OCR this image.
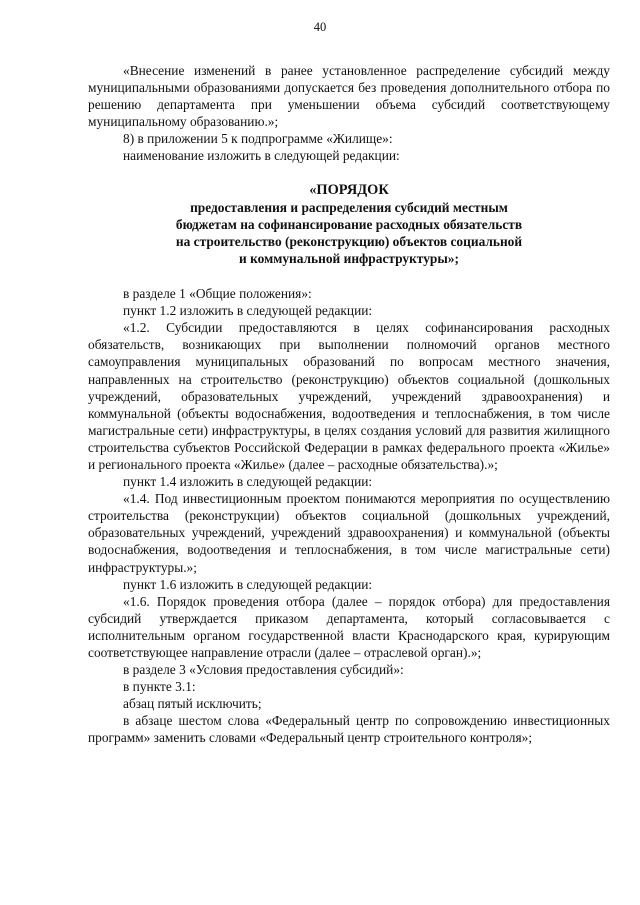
40

«Внесение изменений в ранее установленное распределение субсидий между муниципальными образованиями допускается без проведения дополнительного отбора по решению департамента при уменьшении объема субсидий соответствующему муниципальному образованию.»;

8) в приложении 5 к подпрограмме «Жилище»:

наименование изложить в следующей редакции:

«ПОРЯДОК
предоставления и распределения субсидий местным
бюджетам на софинансирование расходных обязательств
на строительство (реконструкцию) объектов социальной
и коммунальной инфраструктуры»;

в разделе 1 «Общие положения»:

пункт 1.2 изложить в следующей редакции:

«1.2. Субсидии предоставляются в целях софинансирования расходных обязательств, возникающих при выполнении полномочий органов местного самоуправления муниципальных образований по вопросам местного значения, направленных на строительство (реконструкцию) объектов социальной (дошкольных учреждений, образовательных учреждений, учреждений здравоохранения) и коммунальной (объекты водоснабжения, водоотведения и теплоснабжения, в том числе магистральные сети) инфраструктуры, в целях создания условий для развития жилищного строительства субъектов Российской Федерации в рамках федерального проекта «Жилье» и регионального проекта «Жилье» (далее – расходные обязательства).»;

пункт 1.4 изложить в следующей редакции:

«1.4. Под инвестиционным проектом понимаются мероприятия по осуществлению строительства (реконструкции) объектов социальной (дошкольных учреждений, образовательных учреждений, учреждений здравоохранения) и коммунальной (объекты водоснабжения, водоотведения и теплоснабжения, в том числе магистральные сети) инфраструктуры.»;

пункт 1.6 изложить в следующей редакции:

«1.6. Порядок проведения отбора (далее – порядок отбора) для предоставления субсидий утверждается приказом департамента, который согласовывается с исполнительным органом государственной власти Краснодарского края, курирующим соответствующее направление отрасли (далее – отраслевой орган).»;

в разделе 3 «Условия предоставления субсидий»:

в пункте 3.1:

абзац пятый исключить;

в абзаце шестом слова «Федеральный центр по сопровождению инвестиционных программ» заменить словами «Федеральный центр строительного контроля»;
